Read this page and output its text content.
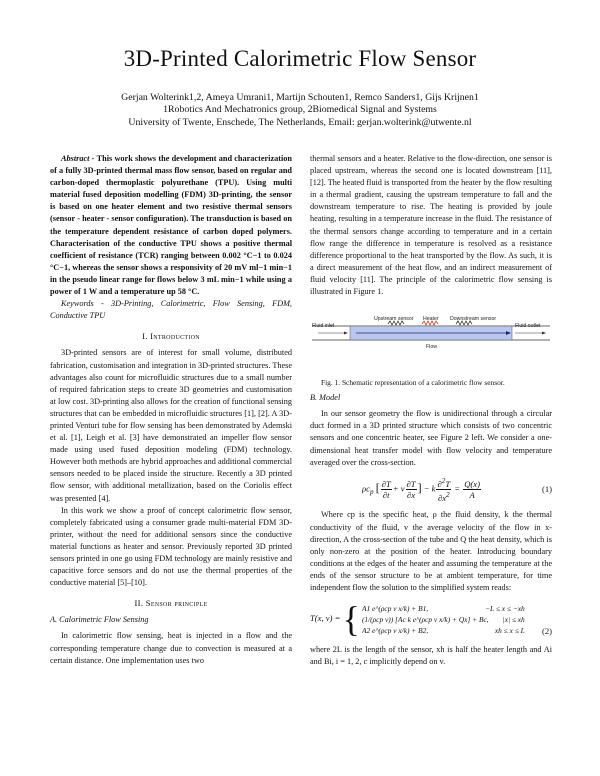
3D-Printed Calorimetric Flow Sensor
Gerjan Wolterink1,2, Ameya Umrani1, Martijn Schouten1, Remco Sanders1, Gijs Krijnen1
1Robotics And Mechatronics group, 2Biomedical Signal and Systems
University of Twente, Enschede, The Netherlands, Email: gerjan.wolterink@utwente.nl

Abstract - This work shows the development and characterization of a fully 3D-printed thermal mass flow sensor, based on regular and carbon-doped thermoplastic polyurethane (TPU). Using multi material fused deposition modelling (FDM) 3D-printing, the sensor is based on one heater element and two resistive thermal sensors (sensor - heater - sensor configuration). The transduction is based on the temperature dependent resistance of carbon doped polymers. Characterisation of the conductive TPU shows a positive thermal coefficient of resistance (TCR) ranging between 0.002 °C−1 to 0.024 °C−1, whereas the sensor shows a responsivity of 20 mV ml−1 min−1 in the pseudo linear range for flows below 3 mL min−1 while using a power of 1 W and a temperature up 58 °C.

Keywords - 3D-Printing, Calorimetric, Flow Sensing, FDM, Conductive TPU

I. Introduction

3D-printed sensors are of interest for small volume, distributed fabrication, customisation and integration in 3D-printed structures. These advantages also count for microfluidic structures due to a small number of required fabrication steps to create 3D geometries and customisation at low cost. 3D-printing also allows for the creation of functional sensing structures that can be embedded in microfluidic structures [1], [2]. A 3D-printed Venturi tube for flow sensing has been demonstrated by Ademski et al. [1], Leigh et al. [3] have demonstrated an impeller flow sensor made using used fused deposition modeling (FDM) technology. However both methods are hybrid approaches and additional commercial sensors needed to be placed inside the structure. Recently a 3D printed flow sensor, with additional metallization, based on the Coriolis effect was presented [4].

In this work we show a proof of concept calorimetric flow sensor, completely fabricated using a consumer grade multi-material FDM 3D-printer, without the need for additional sensors since the conductive material functions as heater and sensor. Previously reported 3D printed sensors printed in one go using FDM technology are mainly resistive and capacitive force sensors and do not use the thermal properties of the conductive material [5]–[10].

II. Sensor principle
A. Calorimetric Flow Sensing

In calorimetric flow sensing, heat is injected in a flow and the corresponding temperature change due to convection is measured at a certain distance. One implementation uses two

thermal sensors and a heater. Relative to the flow-direction, one sensor is placed upstream, whereas the second one is located downstream [11], [12]. The heated fluid is transported from the heater by the flow resulting in a thermal gradient, causing the upstream temperature to fall and the downstream temperature to rise. The heating is provided by joule heating, resulting in a temperature increase in the fluid. The resistance of the thermal sensors change according to temperature and in a certain flow range the difference in temperature is resolved as a resistance difference proportional to the heat transported by the flow. As such, it is a direct measurement of the heat flow, and an indirect measurement of fluid velocity [11]. The principle of the calorimetric flow sensing is illustrated in Figure 1.

Upstream sensor Heater Downstream sensor
Fluid inlet	Fluid outlet
Flow

Fig. 1. Schematic representation of a calorimetric flow sensor.

B. Model

In our sensor geometry the flow is unidirectional through a circular duct formed in a 3D printed structure which consists of two concentric sensors and one concentric heater, see Figure 2 left. We consider a one-dimensional heat transfer model with flow velocity and temperature averaged over the cross-section.

$\rho c_p$ [ $\frac{\partial T}{\partial t} + v \frac{\partial T}{\partial x}$ ] − k $\frac{\partial^2T}{\partial x^2} = \frac{Q(x)}{A}$	(1)

Where cp is the specific heat, ρ the fluid density, k the thermal conductivity of the fluid, v the average velocity of the flow in x-direction, A the cross-section of the tube and Q the heat density, which is only non-zero at the position of the heater. Introducing boundary conditions at the edges of the heater and assuming the temperature at the ends of the sensor structure to be at ambient temperature, for time independent flow the solution to the simplified system reads:

T(x, v) = { A1 e^(ρcp v x/k) + B1,	−L ≤ x ≤ −xh
(1/(ρcp v)) [Ac k e^(ρcp v x/k) + Qx] + Bc, |x| ≤ xh
A2 e^(ρcp v x/k) + B2,	xh ≤ x ≤ L	(2)

where 2L is the length of the sensor, xh is half the heater length and Ai and Bi, i = 1, 2, c implicitly depend on v.
